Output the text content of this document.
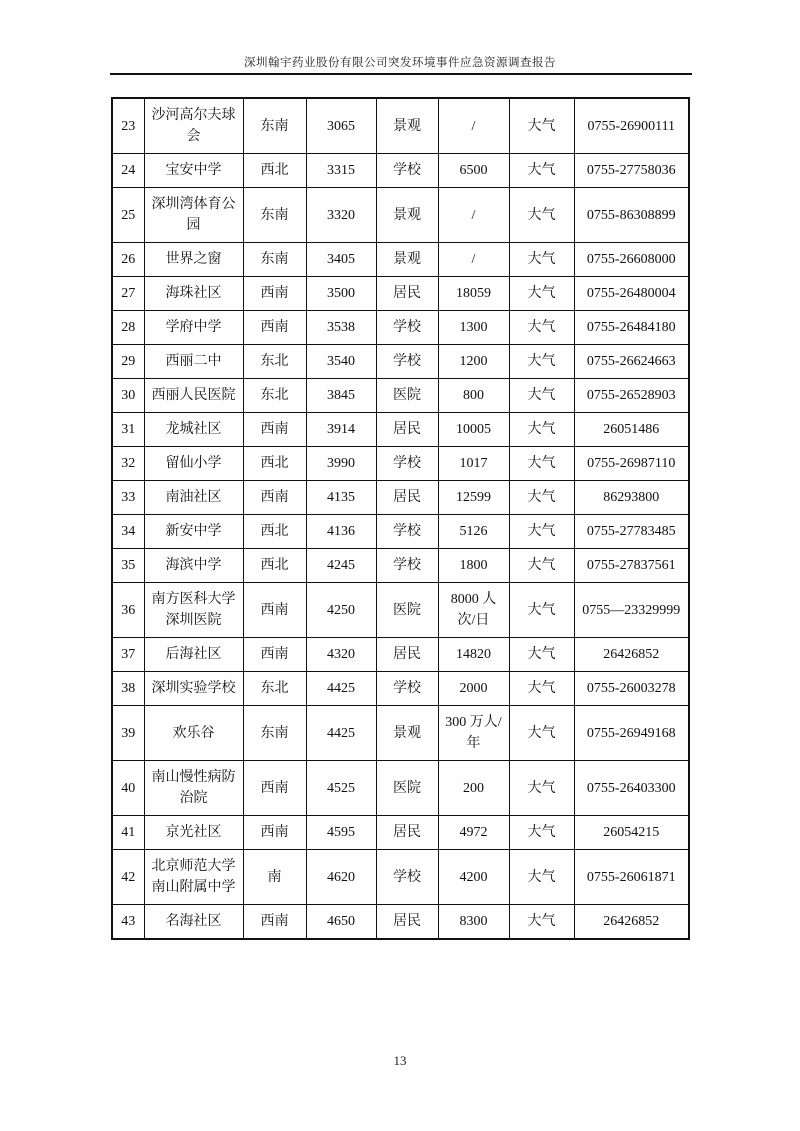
深圳翰宇药业股份有限公司突发环境事件应急资源调查报告
23	沙河高尔夫球会	东南	3065	景观	/	大气	0755-26900111
24	宝安中学	西北	3315	学校	6500	大气	0755-27758036
25	深圳湾体育公园	东南	3320	景观	/	大气	0755-86308899
26	世界之窗	东南	3405	景观	/	大气	0755-26608000
27	海珠社区	西南	3500	居民	18059	大气	0755-26480004
28	学府中学	西南	3538	学校	1300	大气	0755-26484180
29	西丽二中	东北	3540	学校	1200	大气	0755-26624663
30	西丽人民医院	东北	3845	医院	800	大气	0755-26528903
31	龙城社区	西南	3914	居民	10005	大气	26051486
32	留仙小学	西北	3990	学校	1017	大气	0755-26987110
33	南油社区	西南	4135	居民	12599	大气	86293800
34	新安中学	西北	4136	学校	5126	大气	0755-27783485
35	海滨中学	西北	4245	学校	1800	大气	0755-27837561
36	南方医科大学深圳医院	西南	4250	医院	8000 人次/日	大气	0755—23329999
37	后海社区	西南	4320	居民	14820	大气	26426852
38	深圳实验学校	东北	4425	学校	2000	大气	0755-26003278
39	欢乐谷	东南	4425	景观	300 万人/年	大气	0755-26949168
40	南山慢性病防治院	西南	4525	医院	200	大气	0755-26403300
41	京光社区	西南	4595	居民	4972	大气	26054215
42	北京师范大学南山附属中学	南	4620	学校	4200	大气	0755-26061871
43	名海社区	西南	4650	居民	8300	大气	26426852
13
